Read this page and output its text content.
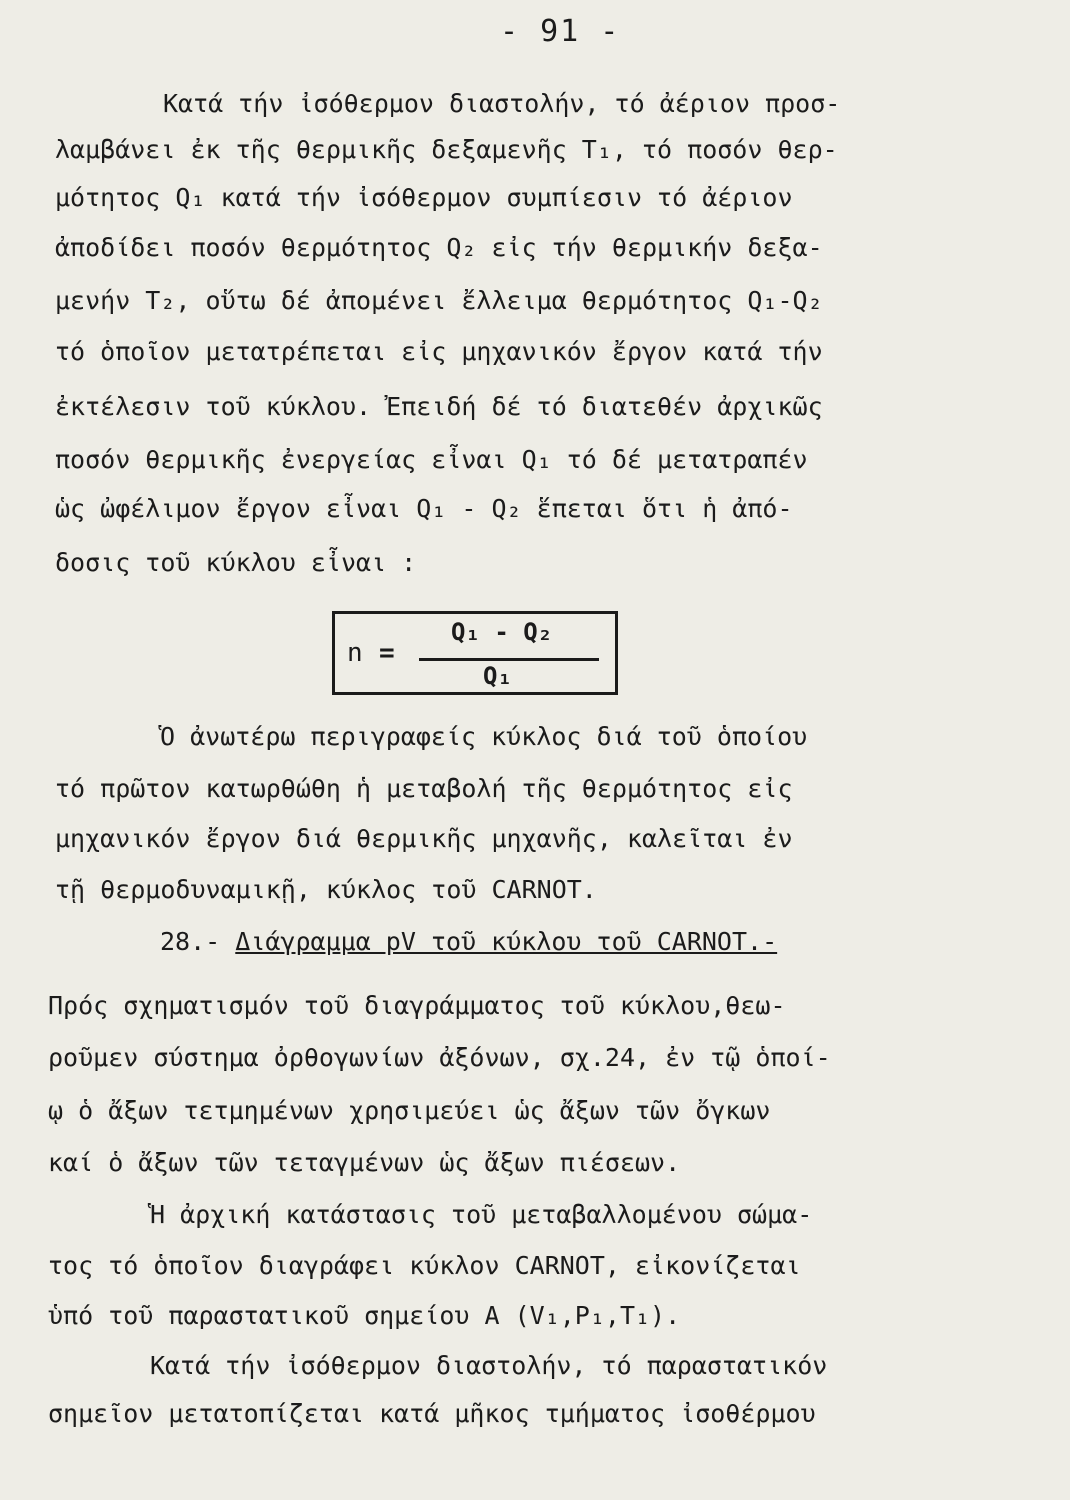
- 91 -
Κατά τήν ἰσόθερμον διαστολήν, τό ἀέριον προσ-
λαμβάνει ἐκ τῆς θερμικῆς δεξαμενῆς T₁, τό ποσόν θερ-
μότητος Q₁ κατά τήν ἰσόθερμον συμπίεσιν τό ἀέριον
ἀποδίδει ποσόν θερμότητος Q₂ εἰς τήν θερμικήν δεξα-
μενήν T₂, οὕτω δέ ἀπομένει ἔλλειμα θερμότητος Q₁-Q₂
τό ὁποῖον μετατρέπεται εἰς μηχανικόν ἔργον κατά τήν
ἐκτέλεσιν τοῦ κύκλου. Ἐπειδή δέ τό διατεθέν ἀρχικῶς
ποσόν θερμικῆς ἐνεργείας εἶναι Q₁ τό δέ μετατραπέν
ὡς ὠφέλιμον ἔργον εἶναι Q₁ - Q₂ ἕπεται ὅτι ἡ ἀπό-
δοσις τοῦ κύκλου εἶναι :
n =
Q₁ - Q₂
Q₁
Ὁ ἀνωτέρω περιγραφείς κύκλος διά τοῦ ὁποίου
τό πρῶτον κατωρθώθη ἡ μεταβολή τῆς θερμότητος εἰς
μηχανικόν ἔργον διά θερμικῆς μηχανῆς, καλεῖται ἐν
τῇ θερμοδυναμικῇ, κύκλος τοῦ CARNOT.
28.- Διάγραμμα pV τοῦ κύκλου τοῦ CARNOT.-
Πρός σχηματισμόν τοῦ διαγράμματος τοῦ κύκλου,θεω-
ροῦμεν σύστημα ὀρθογωνίων ἀξόνων, σχ.24, ἐν τῷ ὁποί-
ῳ ὁ ἄξων τετμημένων χρησιμεύει ὡς ἄξων τῶν ὄγκων
καί ὁ ἄξων τῶν τεταγμένων ὡς ἄξων πιέσεων.
Ἡ ἀρχική κατάστασις τοῦ μεταβαλλομένου σώμα-
τος τό ὁποῖον διαγράφει κύκλον CARNOT, εἰκονίζεται
ὑπό τοῦ παραστατικοῦ σημείου A (V₁,P₁,T₁).
Κατά τήν ἰσόθερμον διαστολήν, τό παραστατικόν
σημεῖον μετατοπίζεται κατά μῆκος τμήματος ἰσοθέρμου
